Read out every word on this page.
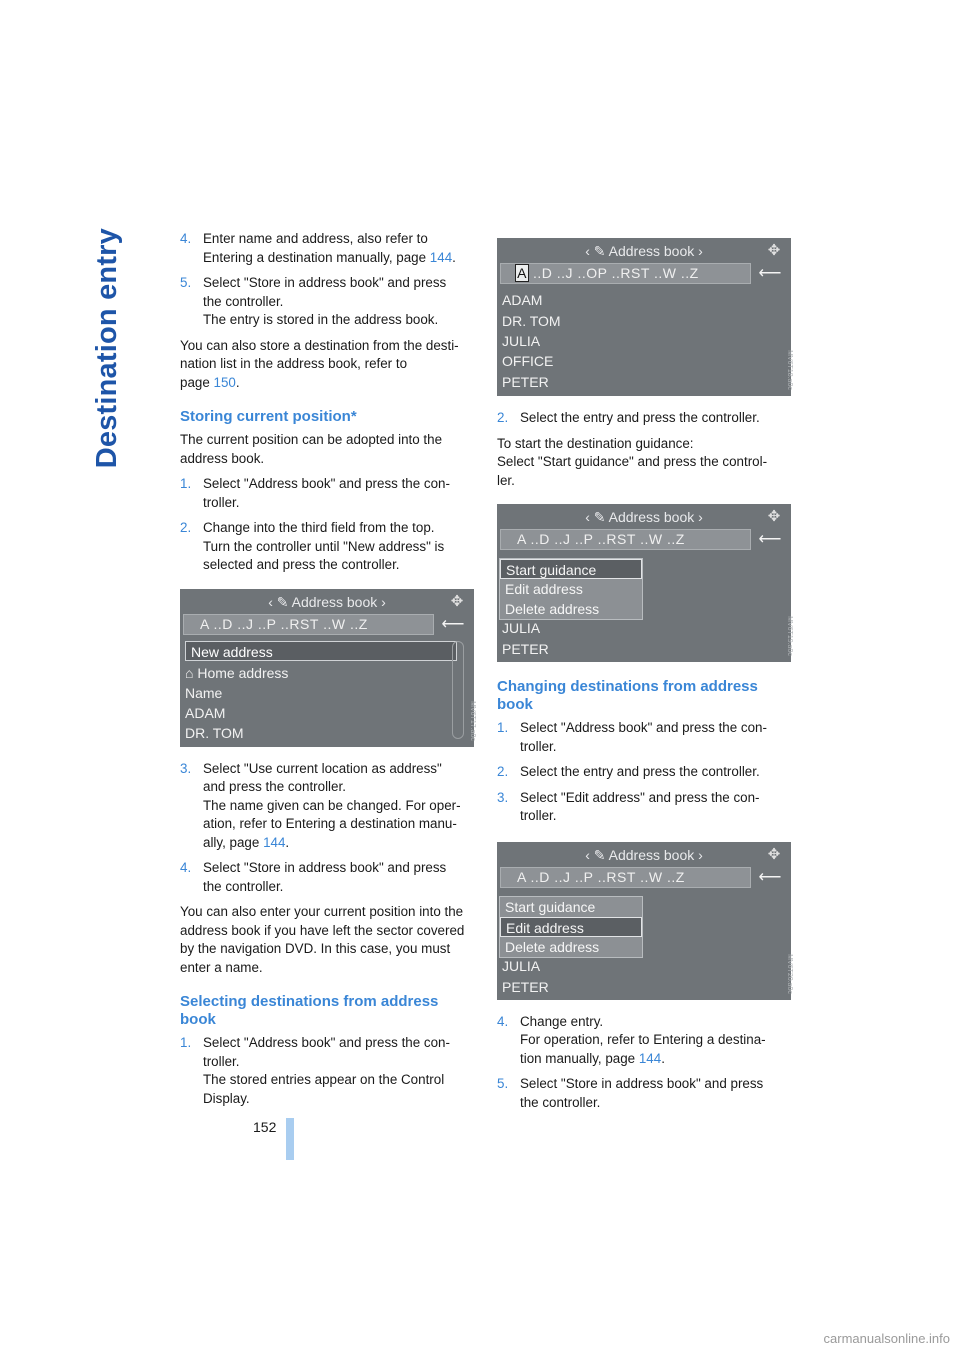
Destination entry	4. Enter name and address, also refer to
Entering a destination manually, page 144.
5. Select "Store in address book" and press
the controller.
The entry is stored in the address book.

You can also store a destination from the desti-
nation list in the address book, refer to
page 150.

Storing current position*

The current position can be adopted into the
address book.

1. Select "Address book" and press the con-
troller.
2. Change into the third field from the top.
Turn the controller until "New address" is
selected and press the controller.
‹ ✎ Address book ›	✥
A ..D ..J ..P ..RST ..W ..Z	⟵
New address
⌂ Home address
Name
ADAM
DR. TOM	MV6T17.a0c
3. Select "Use current location as address"
and press the controller.
The name given can be changed. For oper-
ation, refer to Entering a destination manu-
ally, page 144.
4. Select "Store in address book" and press
the controller.

You can also enter your current position into the
address book if you have left the sector covered
by the navigation DVD. In this case, you must
enter a name.

Selecting destinations from address
book
1. Select "Address book" and press the con-
troller.
The stored entries appear on the Control
Display.
‹ ✎ Address book ›	✥
A ..D ..J ..OP ..RST ..W ..Z	⟵
ADAM
DR. TOM
JULIA
OFFICE
PETER	MV6T18.a0c
2. Select the entry and press the controller.

To start the destination guidance:
Select "Start guidance" and press the control-
ler.

‹ ✎ Address book ›	✥
A ..D ..J ..P ..RST ..W ..Z	⟵
Start guidance
Edit address
Delete address
JULIA
PETER	MV6T19.a0c
Changing destinations from address
book
1. Select "Address book" and press the con-
troller.
2. Select the entry and press the controller.
3. Select "Edit address" and press the con-
troller.
‹ ✎ Address book ›	✥
A ..D ..J ..P ..RST ..W ..Z	⟵
Start guidance
Edit address
Delete address
JULIA
PETER	MV6T20.a0c
4. Change entry.
For operation, refer to Entering a destina-
tion manually, page 144.
5. Select "Store in address book" and press
the controller.
152
carmanualsonline.info
